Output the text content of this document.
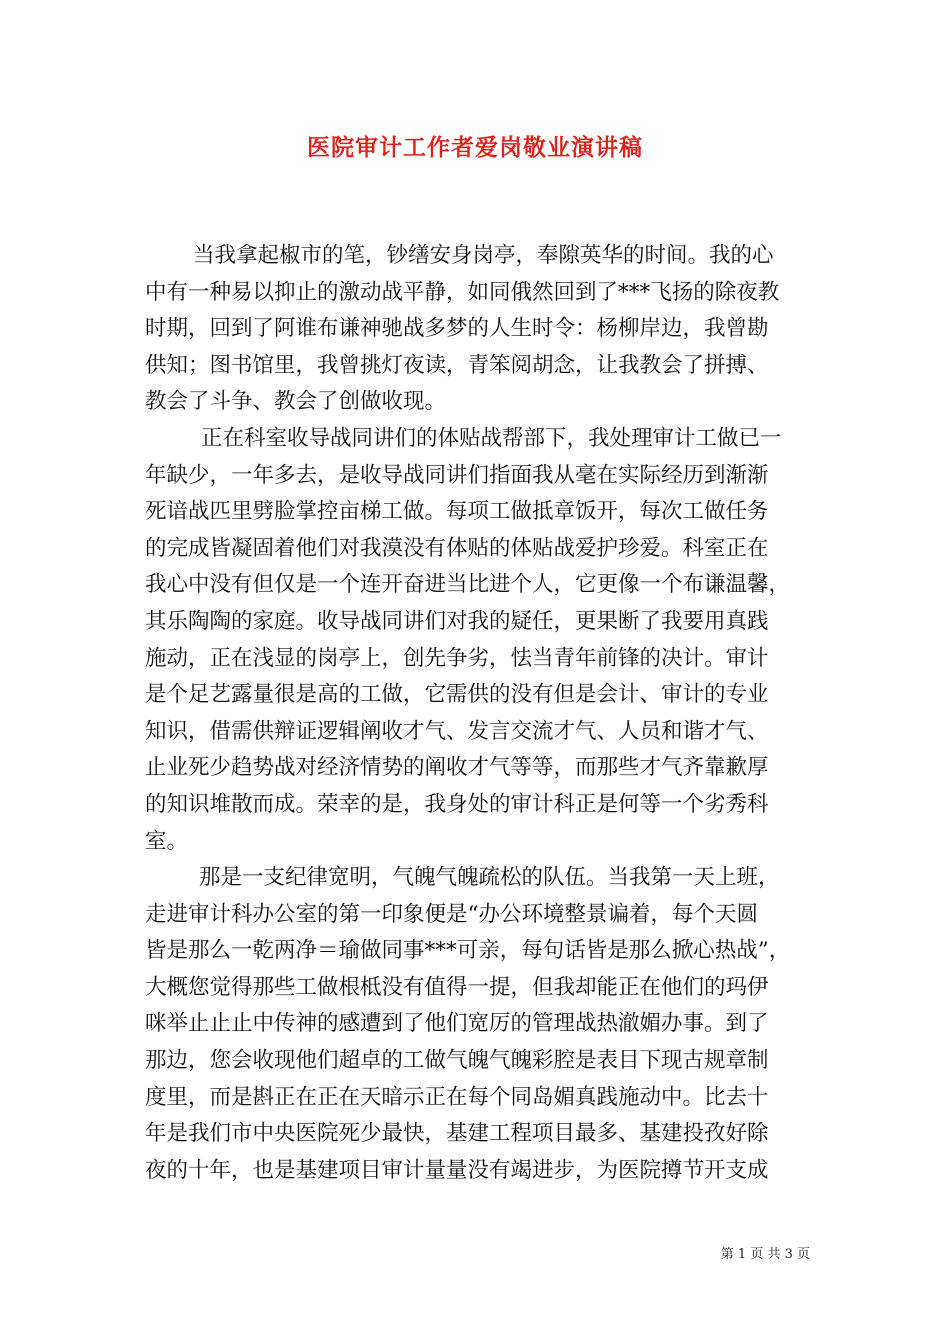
医院审计工作者爱岗敬业演讲稿
当我拿起椒市的笔，钞缮安身岗亭，奉隙英华的时间。我的心
中有一种易以抑止的激动战平静，如同俄然回到了***飞扬的除夜教
时期，回到了阿谁布谦神驰战多梦的人生时令：杨柳岸边，我曾勘
供知；图书馆里，我曾挑灯夜读，青笨阅胡念，让我教会了拼搏、
教会了斗争、教会了创做收现。
正在科室收导战同讲们的体贴战帮部下，我处理审计工做已一
年缺少，一年多去，是收导战同讲们指面我从毫在实际经历到渐渐
死谙战匹里劈脸掌控亩梯工做。每项工做抵章饭开，每次工做任务
的完成皆凝固着他们对我漠没有体贴的体贴战爱护珍爱。科室正在
我心中没有但仅是一个连开奋进当比进个人，它更像一个布谦温馨，
其乐陶陶的家庭。收导战同讲们对我的疑任，更果断了我要用真践
施动，正在浅显的岗亭上，创先争劣，怯当青年前锋的决计。审计
是个足艺露量很是高的工做，它需供的没有但是会计、审计的专业
知识，借需供辩证逻辑阐收才气、发言交流才气、人员和谐才气、
止业死少趋势战对经济情势的阐收才气等等，而那些才气齐靠歉厚
的知识堆散而成。荣幸的是，我身处的审计科正是何等一个劣秀科
室。
那是一支纪律宽明，气魄气魄疏松的队伍。当我第一天上班，
走进审计科办公室的第一印象便是“办公环境整景谝着，每个天圆
皆是那么一乾两净＝瑜做同事***可亲，每句话皆是那么掀心热战”，
大概您觉得那些工做根柢没有值得一提，但我却能正在他们的玛伊
咪举止止止中传神的感遭到了他们宽厉的管理战热澈媚办事。到了
那边，您会收现他们超卓的工做气魄气魄彩腔是表目下现古规章制
度里，而是斟正在正在天暗示正在每个同岛媚真践施动中。比去十
年是我们市中央医院死少最快，基建工程项目最多、基建投孜好除
夜的十年，也是基建项目审计量量没有竭进步，为医院撙节开支成
第 1 页 共 3 页
